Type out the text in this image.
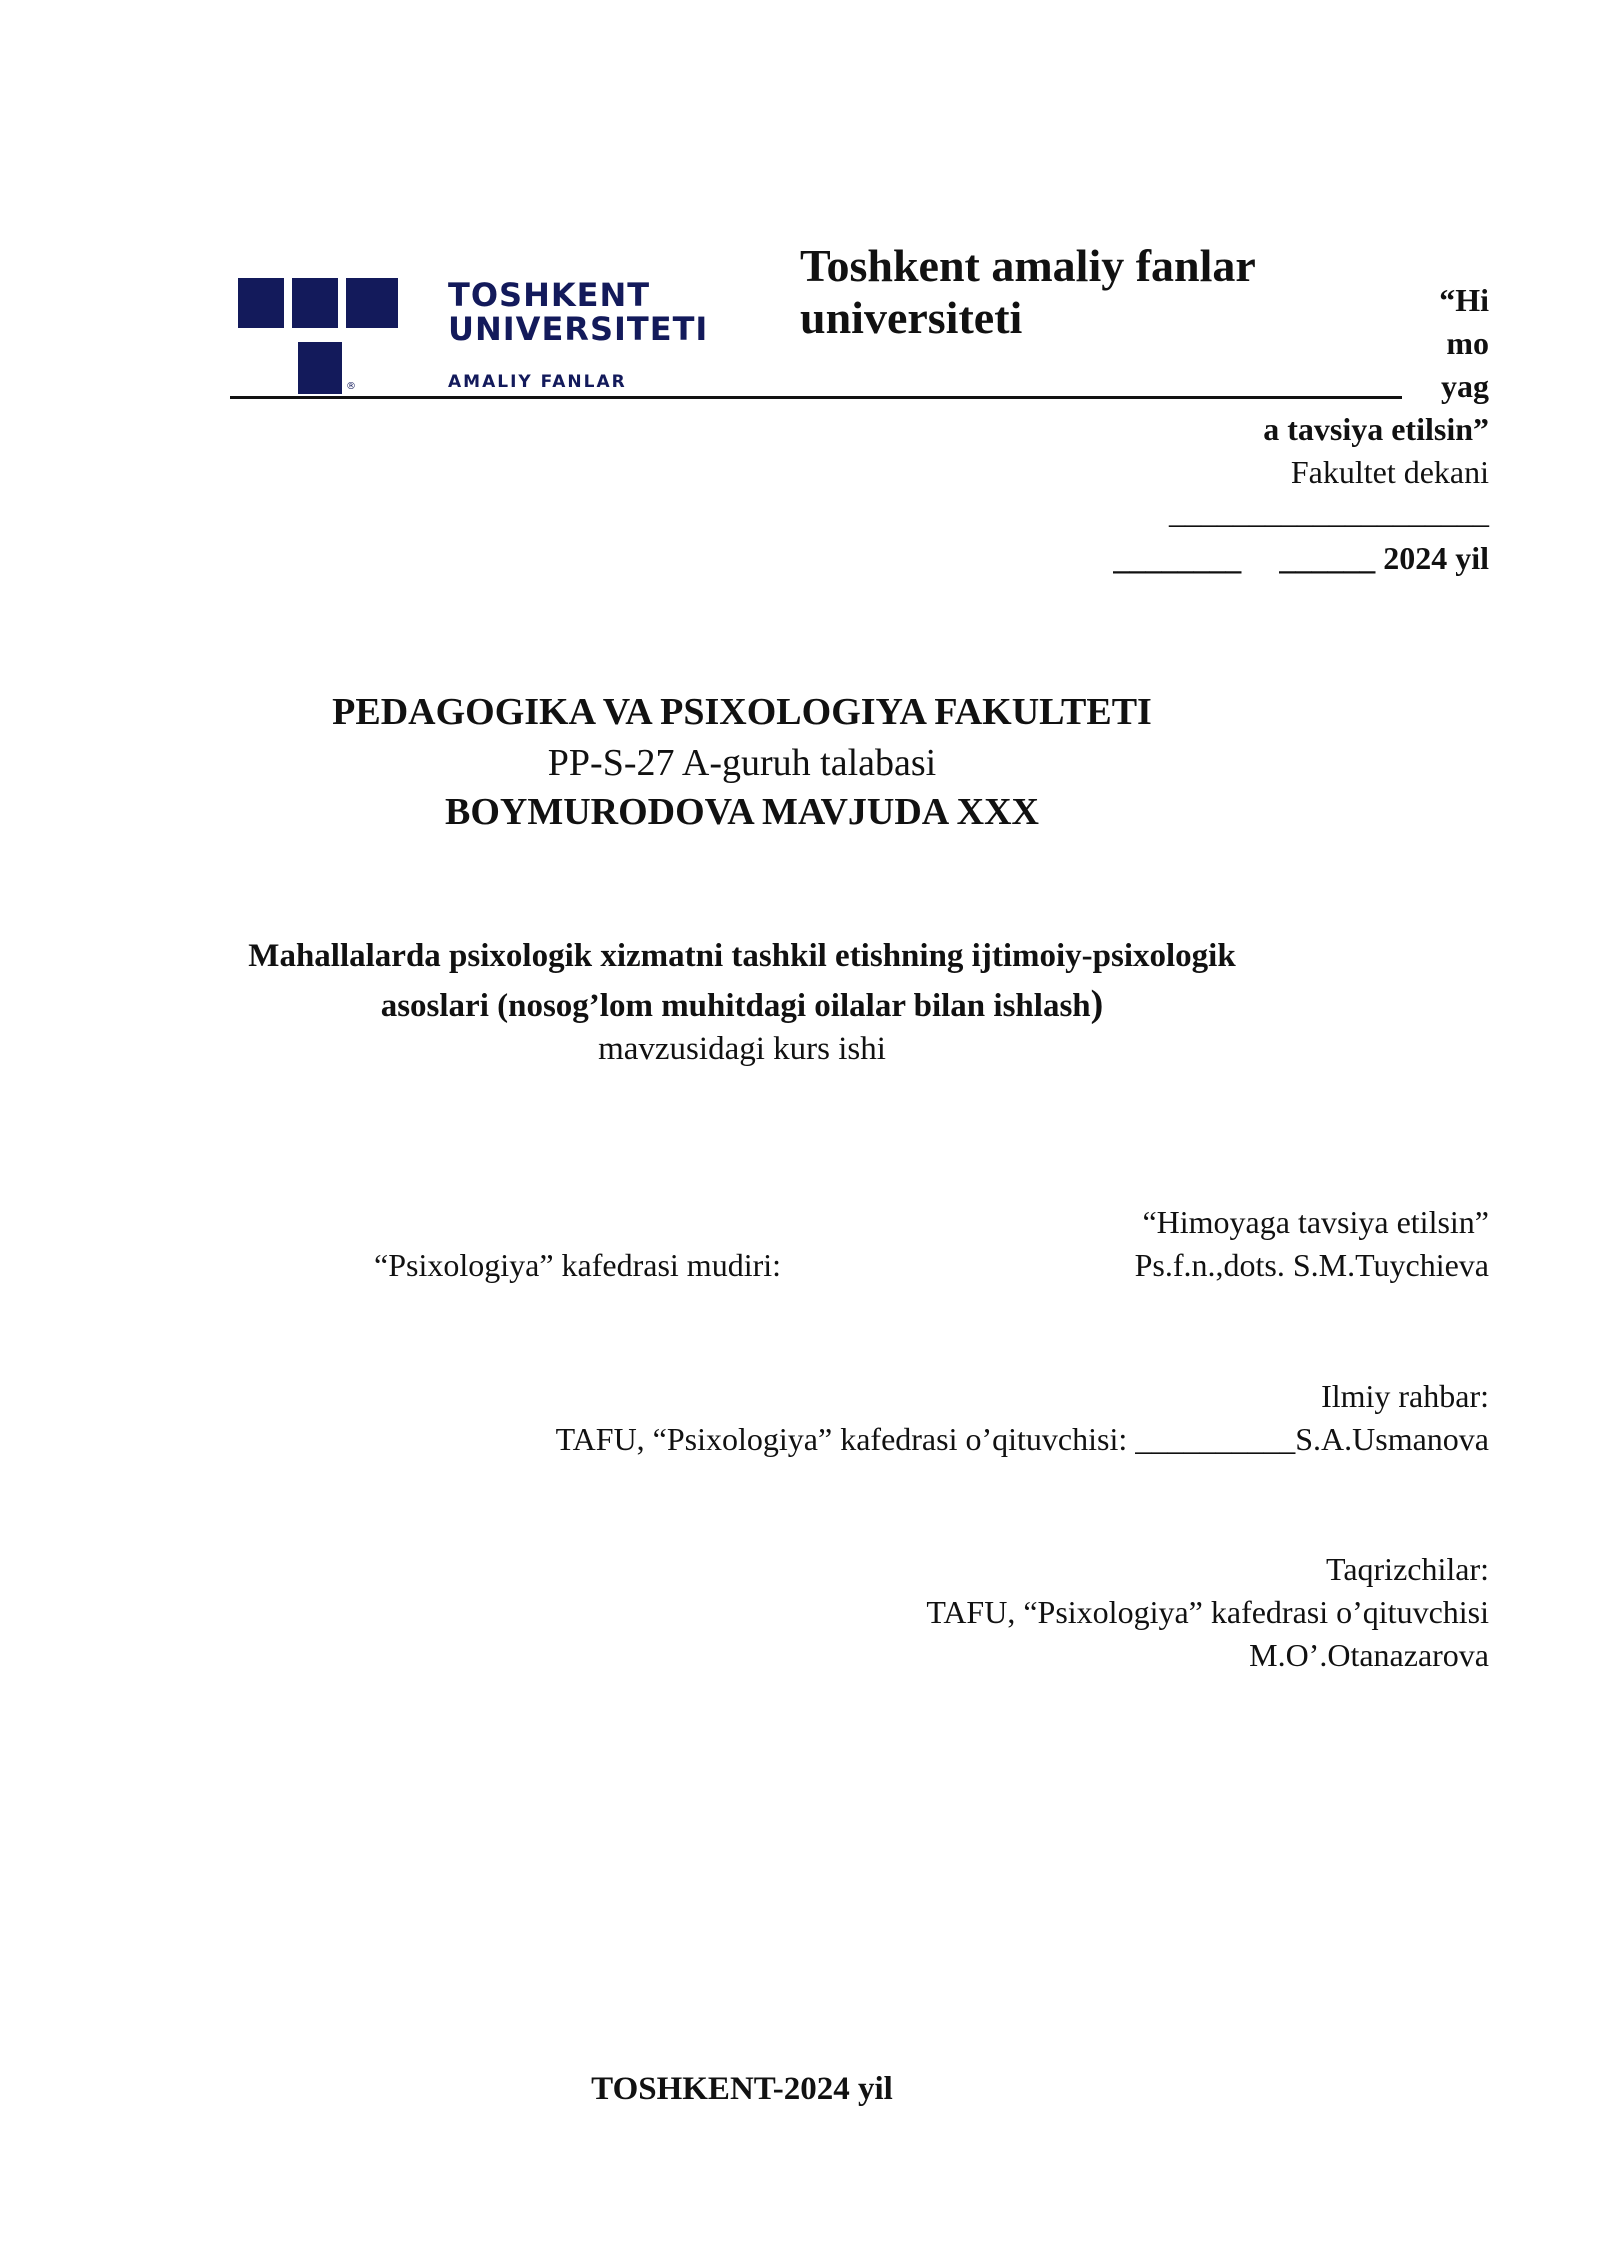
TOSHKENT
UNIVERSITETI
AMALIY FANLAR
®
Toshkent amaliy fanlar
universiteti	“Hi
mo
yag
a tavsiya etilsin”
Fakultet dekani
____________________
________ ______ 2024 yil
PEDAGOGIKA VA PSIXOLOGIYA FAKULTETI
PP-S-27 A-guruh talabasi
BOYMURODOVA MAVJUDA XXX
Mahallalarda psixologik xizmatni tashkil etishning ijtimoiy-psixologik
asoslari (nosog’lom muhitdagi oilalar bilan ishlash)
mavzusidagi kurs ishi
“Himoyaga tavsiya etilsin”
“Psixologiya” kafedrasi mudiri:	Ps.f.n.,dots. S.M.Tuychieva
Ilmiy rahbar:
TAFU, “Psixologiya” kafedrasi o’qituvchisi: __________S.A.Usmanova
Taqrizchilar:
TAFU, “Psixologiya” kafedrasi o’qituvchisi
M.O’.Otanazarova
TOSHKENT-2024 yil
